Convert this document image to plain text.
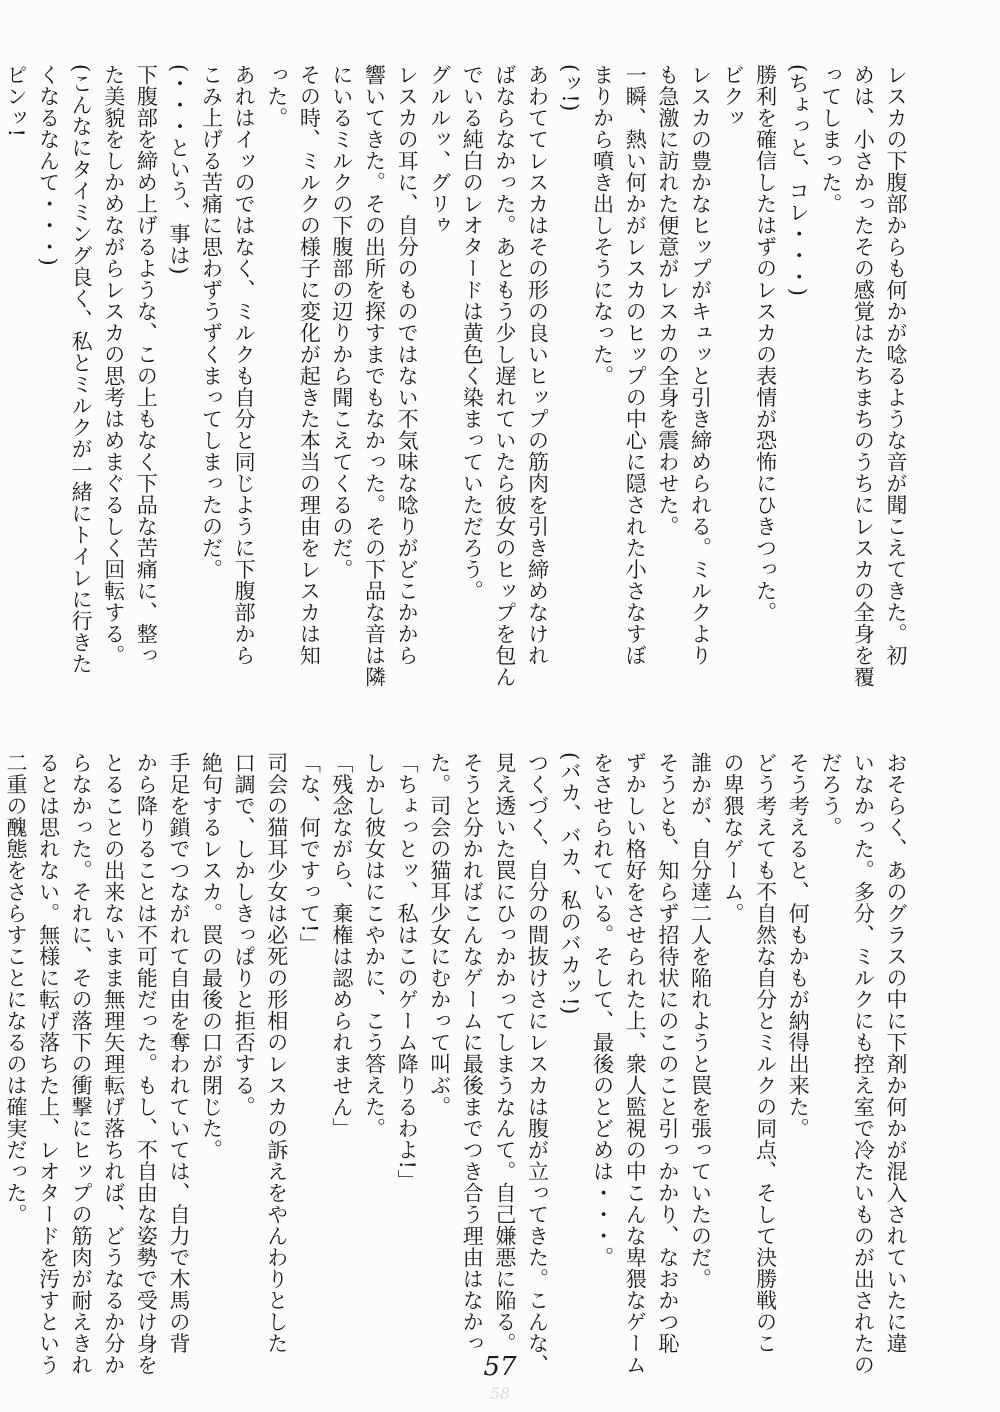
レスカの下腹部からも何かが唸るような音が聞こえてきた。初

めは、小さかったその感覚はたちまちのうちにレスカの全身を覆

ってしまった。

(ちょっと、コレ・・・)

勝利を確信したはずのレスカの表情が恐怖にひきつった。

ビクッ

レスカの豊かなヒップがキュッと引き締められる。ミルクより

も急激に訪れた便意がレスカの全身を震わせた。

一瞬、熱い何かがレスカのヒップの中心に隠された小さなすぼ

まりから噴き出しそうになった。

(ッ!)

あわててレスカはその形の良いヒップの筋肉を引き締めなけれ

ばならなかった。あともう少し遅れていたら彼女のヒップを包ん

でいる純白のレオタードは黄色く染まっていただろう。

グルルッ、グリゥ

レスカの耳に、自分のものではない不気味な唸りがどこかから

響いてきた。その出所を探すまでもなかった。その下品な音は隣

にいるミルクの下腹部の辺りから聞こえてくるのだ。

その時、ミルクの様子に変化が起きた本当の理由をレスカは知

った。

あれはイッのではなく、ミルクも自分と同じように下腹部から

こみ上げる苦痛に思わずうずくまってしまったのだ。

(・・・という、事は)

下腹部を締め上げるような、この上もなく下品な苦痛に、整っ

た美貌をしかめながらレスカの思考はめまぐるしく回転する。

(こんなにタイミング良く、私とミルクが一緒にトイレに行きた

くなるなんて・・・)

ピンッ!

おそらく、あのグラスの中に下剤か何かが混入されていたに違

いなかった。多分、ミルクにも控え室で冷たいものが出されたの

だろう。

そう考えると、何もかもが納得出来た。

どう考えても不自然な自分とミルクの同点、そして決勝戦のこ

の卑猥なゲーム。

誰かが、自分達二人を陥れようと罠を張っていたのだ。

そうとも、知らず招待状にのこのこと引っかかり、なおかつ恥

ずかしい格好をさせられた上、衆人監視の中こんな卑猥なゲーム

をさせられている。そして、最後のとどめは・・・。

(バカ、バカ、私のバカッ!)

つくづく、自分の間抜けさにレスカは腹が立ってきた。こんな、

見え透いた罠にひっかかってしまうなんて。自己嫌悪に陥る。

そうと分かればこんなゲームに最後までつき合う理由はなかっ

た。司会の猫耳少女にむかって叫ぶ。

「ちょっとッ、私はこのゲーム降りるわよ!」

しかし彼女はにこやかに、こう答えた。

「残念ながら、棄権は認められません」

「な、何ですって!」

司会の猫耳少女は必死の形相のレスカの訴えをやんわりとした

口調で、しかしきっぱりと拒否する。

絶句するレスカ。罠の最後の口が閉じた。

手足を鎖でつながれて自由を奪われていては、自力で木馬の背

から降りることは不可能だった。もし、不自由な姿勢で受け身を

とることの出来ないまま無理矢理転げ落ちれば、どうなるか分か

らなかった。それに、その落下の衝撃にヒップの筋肉が耐えきれ

るとは思れない。無様に転げ落ちた上、レオタードを汚すという

二重の醜態をさらすことになるのは確実だった。

57
58
